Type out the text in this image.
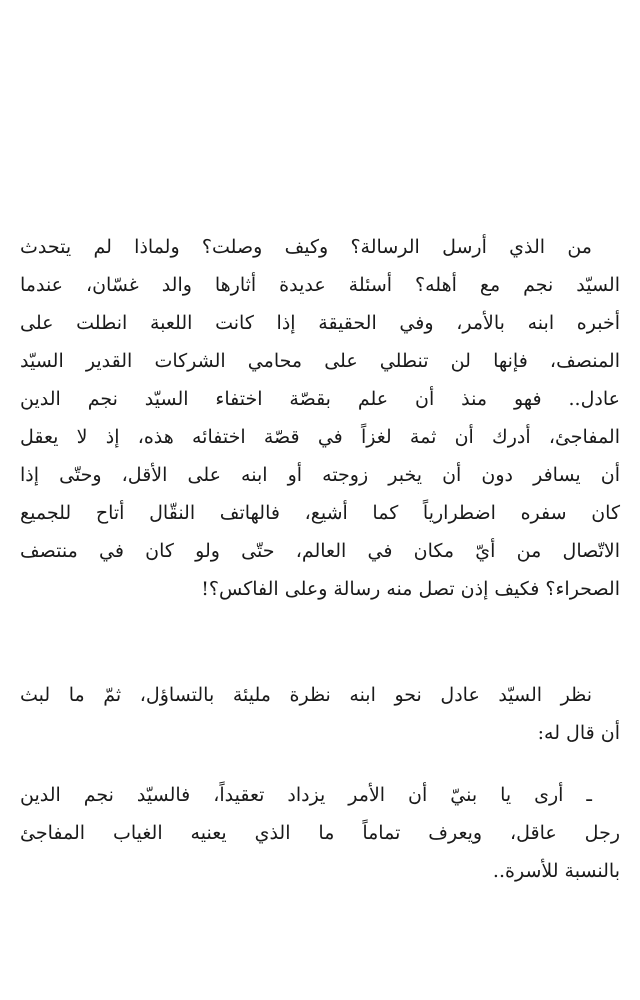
من الذي أرسل الرسالة؟ وكيف وصلت؟ ولماذا لم يتحدث
السيّد نجم مع أهله؟ أسئلة عديدة أثارها والد غسّان، عندما
أخبره ابنه بالأمر، وفي الحقيقة إذا كانت اللعبة انطلت على
المنصف، فإنها لن تنطلي على محامي الشركات القدير السيّد
عادل.. فهو منذ أن علم بقصّة اختفاء السيّد نجم الدين
المفاجئ، أدرك أن ثمة لغزاً في قصّة اختفائه هذه، إذ لا يعقل
أن يسافر دون أن يخبر زوجته أو ابنه على الأقل، وحتّى إذا
كان سفره اضطرارياً كما أشيع، فالهاتف النقّال أتاح للجميع
الاتّصال من أيّ مكان في العالم، حتّى ولو كان في منتصف
الصحراء؟ فكيف إذن تصل منه رسالة وعلى الفاكس؟!
نظر السيّد عادل نحو ابنه نظرة مليئة بالتساؤل، ثمّ ما لبث
أن قال له:
ـ أرى يا بنيّ أن الأمر يزداد تعقيداً، فالسيّد نجم الدين
رجل عاقل، ويعرف تماماً ما الذي يعنيه الغياب المفاجئ
بالنسبة للأسرة..
